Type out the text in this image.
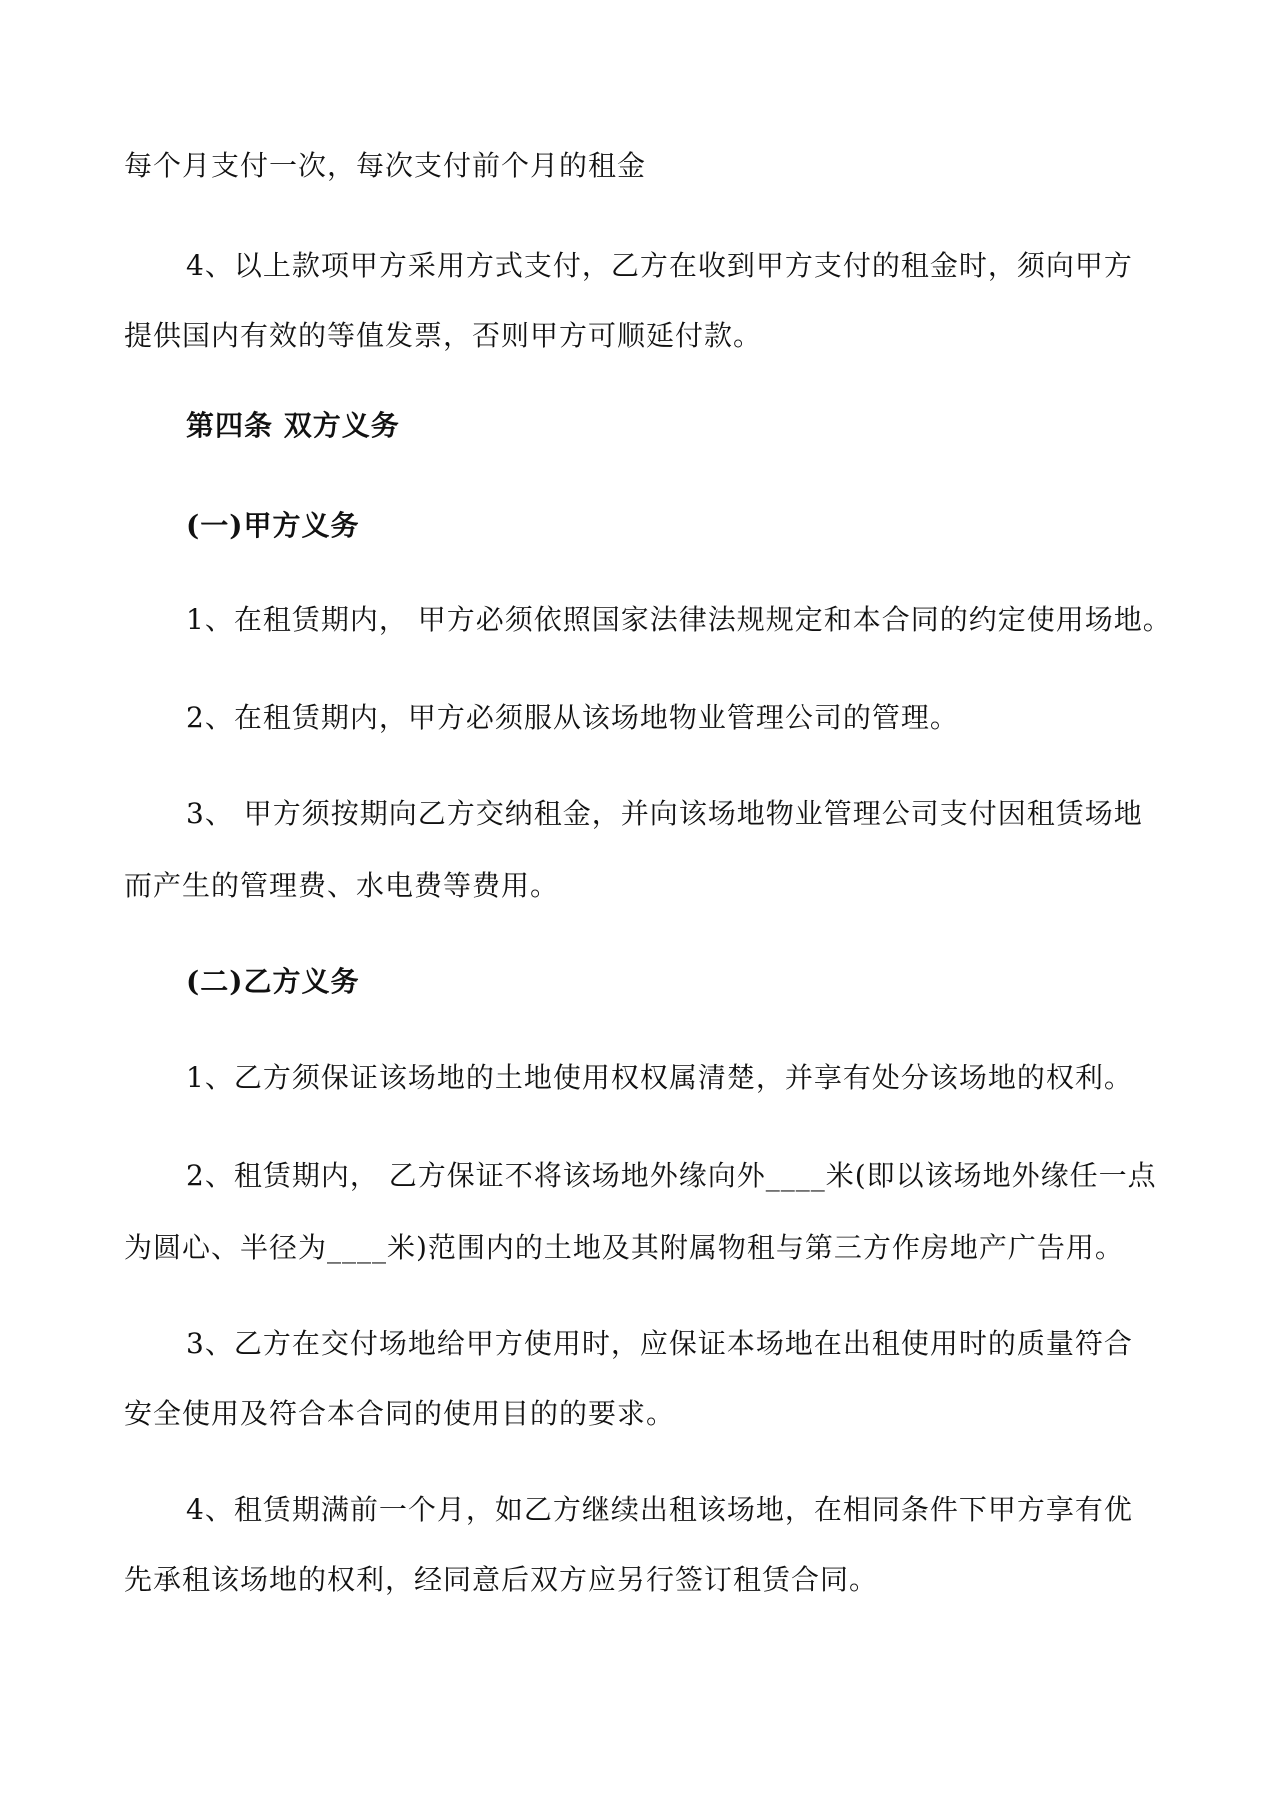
每个月支付一次，每次支付前个月的租金
4、以上款项甲方采用方式支付，乙方在收到甲方支付的租金时，须向甲方
提供国内有效的等值发票，否则甲方可顺延付款。
第四条 双方义务
(一)甲方义务
1、在租赁期内， 甲方必须依照国家法律法规规定和本合同的约定使用场地。
2、在租赁期内，甲方必须服从该场地物业管理公司的管理。
3、 甲方须按期向乙方交纳租金，并向该场地物业管理公司支付因租赁场地
而产生的管理费、水电费等费用。
(二)乙方义务
1、乙方须保证该场地的土地使用权权属清楚，并享有处分该场地的权利。
2、租赁期内， 乙方保证不将该场地外缘向外____米(即以该场地外缘任一点
为圆心、半径为____米)范围内的土地及其附属物租与第三方作房地产广告用。
3、乙方在交付场地给甲方使用时，应保证本场地在出租使用时的质量符合
安全使用及符合本合同的使用目的的要求。
4、租赁期满前一个月，如乙方继续出租该场地，在相同条件下甲方享有优
先承租该场地的权利，经同意后双方应另行签订租赁合同。
